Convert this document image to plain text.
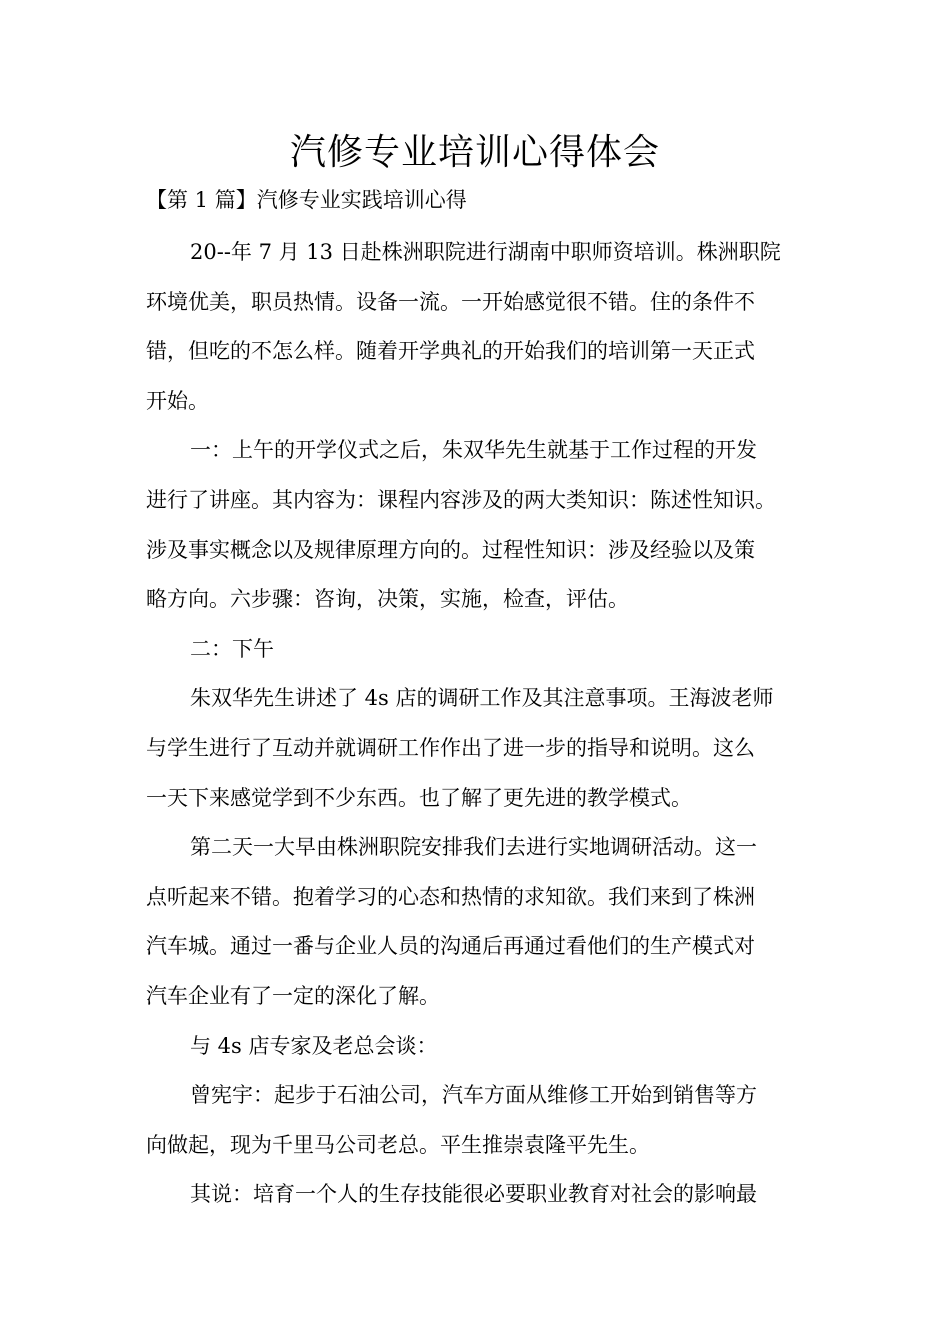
汽修专业培训心得体会
【第 1 篇】汽修专业实践培训心得
20--年 7 月 13 日赴株洲职院进行湖南中职师资培训。株洲职院
环境优美，职员热情。设备一流。一开始感觉很不错。住的条件不
错，但吃的不怎么样。随着开学典礼的开始我们的培训第一天正式
开始。
一：上午的开学仪式之后，朱双华先生就基于工作过程的开发
进行了讲座。其内容为：课程内容涉及的两大类知识：陈述性知识。
涉及事实概念以及规律原理方向的。过程性知识：涉及经验以及策
略方向。六步骤：咨询，决策，实施，检查，评估。
二：下午
朱双华先生讲述了 4s 店的调研工作及其注意事项。王海波老师
与学生进行了互动并就调研工作作出了进一步的指导和说明。这么
一天下来感觉学到不少东西。也了解了更先进的教学模式。
第二天一大早由株洲职院安排我们去进行实地调研活动。这一
点听起来不错。抱着学习的心态和热情的求知欲。我们来到了株洲
汽车城。通过一番与企业人员的沟通后再通过看他们的生产模式对
汽车企业有了一定的深化了解。
与 4s 店专家及老总会谈：
曾宪宇：起步于石油公司，汽车方面从维修工开始到销售等方
向做起，现为千里马公司老总。平生推崇袁隆平先生。
其说：培育一个人的生存技能很必要职业教育对社会的影响最
